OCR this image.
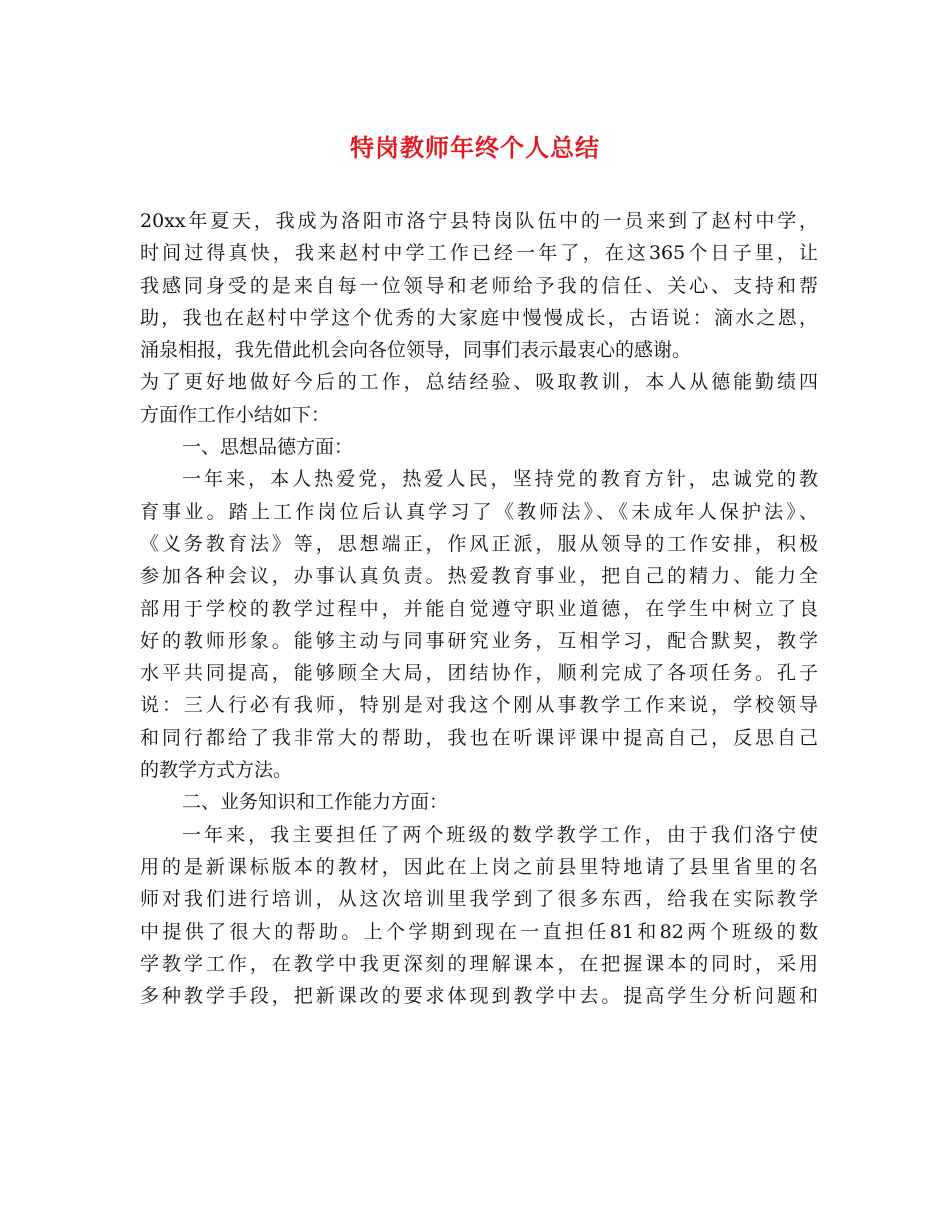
特岗教师年终个人总结
20xx年夏天，我成为洛阳市洛宁县特岗队伍中的一员来到了赵村中学，
时间过得真快，我来赵村中学工作已经一年了，在这365个日子里，让
我感同身受的是来自每一位领导和老师给予我的信任、关心、支持和帮
助，我也在赵村中学这个优秀的大家庭中慢慢成长，古语说：滴水之恩，
涌泉相报，我先借此机会向各位领导，同事们表示最衷心的感谢。
为了更好地做好今后的工作，总结经验、吸取教训，本人从德能勤绩四
方面作工作小结如下：
一、思想品德方面：
一年来，本人热爱党，热爱人民，坚持党的教育方针，忠诚党的教
育事业。踏上工作岗位后认真学习了《教师法》、《未成年人保护法》、
《义务教育法》等，思想端正，作风正派，服从领导的工作安排，积极
参加各种会议，办事认真负责。热爱教育事业，把自己的精力、能力全
部用于学校的教学过程中，并能自觉遵守职业道德，在学生中树立了良
好的教师形象。能够主动与同事研究业务，互相学习，配合默契，教学
水平共同提高，能够顾全大局，团结协作，顺利完成了各项任务。孔子
说：三人行必有我师，特别是对我这个刚从事教学工作来说，学校领导
和同行都给了我非常大的帮助，我也在听课评课中提高自己，反思自己
的教学方式方法。
二、业务知识和工作能力方面：
一年来，我主要担任了两个班级的数学教学工作，由于我们洛宁使
用的是新课标版本的教材，因此在上岗之前县里特地请了县里省里的名
师对我们进行培训，从这次培训里我学到了很多东西，给我在实际教学
中提供了很大的帮助。上个学期到现在一直担任81和82两个班级的数
学教学工作，在教学中我更深刻的理解课本，在把握课本的同时，采用
多种教学手段，把新课改的要求体现到教学中去。提高学生分析问题和
